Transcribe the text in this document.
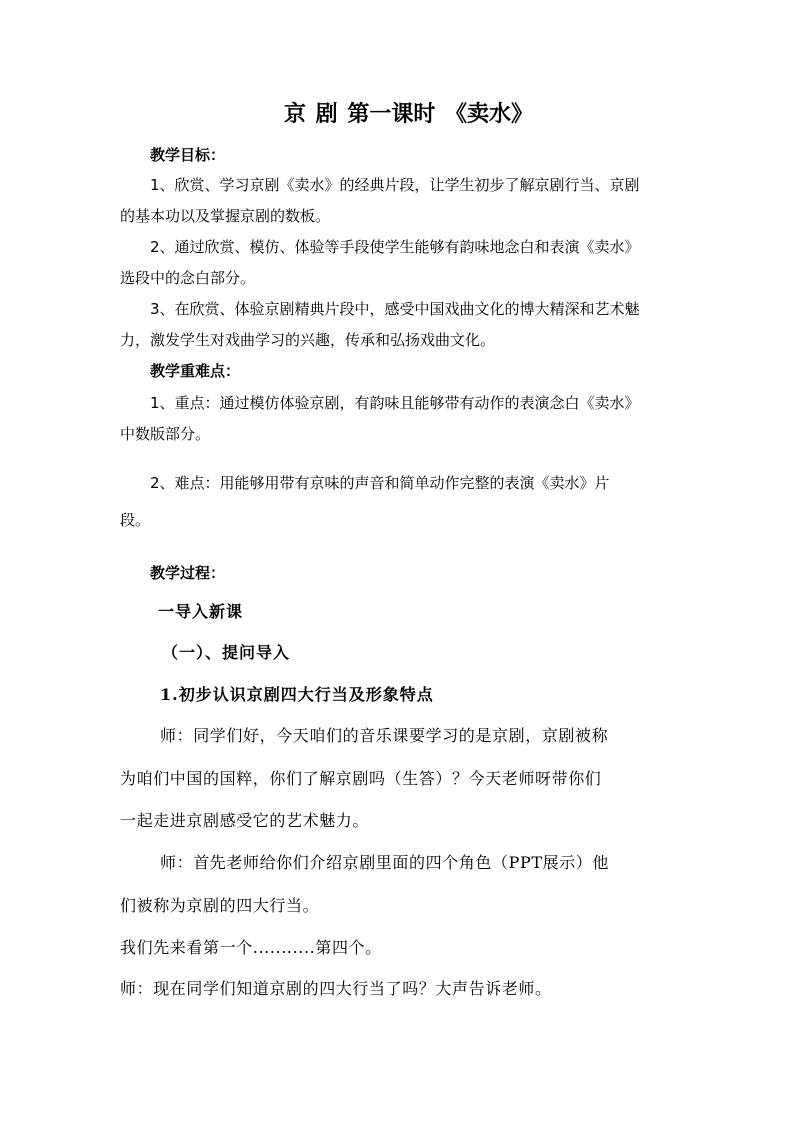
京 剧 第一课时 《卖水》

教学目标：

1、欣赏、学习京剧《卖水》的经典片段，让学生初步了解京剧行当、京剧

的基本功以及掌握京剧的数板。

2、通过欣赏、模仿、体验等手段使学生能够有韵味地念白和表演《卖水》

选段中的念白部分。

3、在欣赏、体验京剧精典片段中，感受中国戏曲文化的博大精深和艺术魅

力，激发学生对戏曲学习的兴趣，传承和弘扬戏曲文化。

教学重难点：

1、重点：通过模仿体验京剧，有韵味且能够带有动作的表演念白《卖水》

中数版部分。

2、难点：用能够用带有京味的声音和简单动作完整的表演《卖水》片

段。

教学过程：

一导入新课

（一）、提问导入

1.初步认识京剧四大行当及形象特点

师：同学们好，今天咱们的音乐课要学习的是京剧，京剧被称

为咱们中国的国粹，你们了解京剧吗（生答）？今天老师呀带你们

一起走进京剧感受它的艺术魅力。

师：首先老师给你们介绍京剧里面的四个角色（PPT展示）他

们被称为京剧的四大行当。

我们先来看第一个...........第四个。

师：现在同学们知道京剧的四大行当了吗？大声告诉老师。
